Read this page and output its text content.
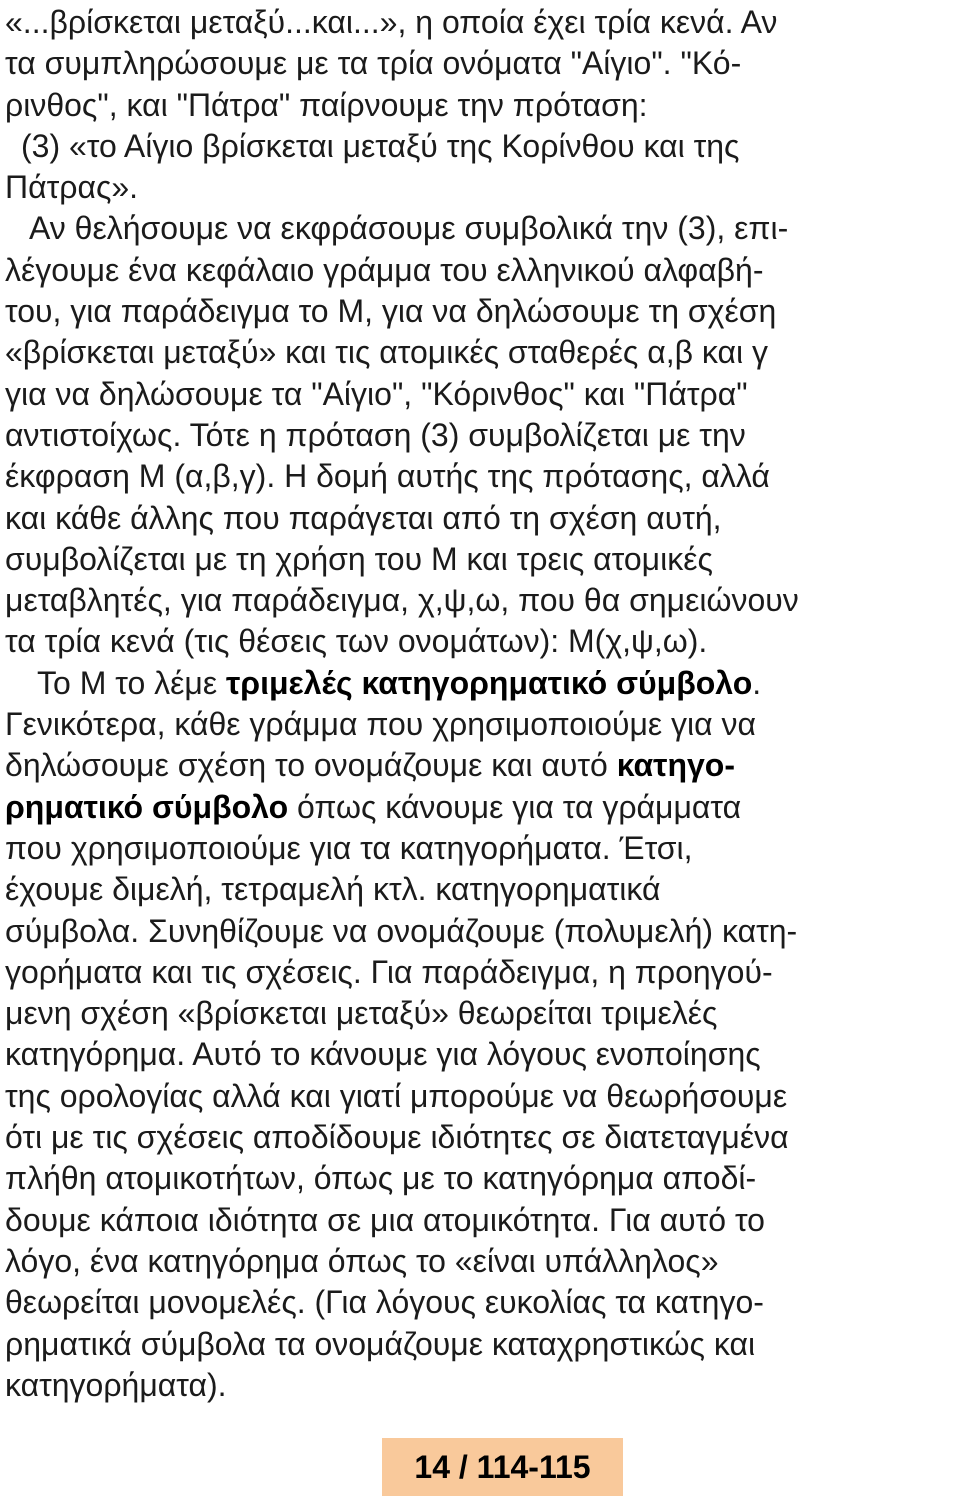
«...βρίσκεται μεταξύ...και...», η οποία έχει τρία κενά. Αν
τα συμπληρώσουμε με τα τρία ονόματα "Αίγιο". "Κό-
ρινθος", και "Πάτρα" παίρνουμε την πρόταση:
(3) «το Αίγιο βρίσκεται μεταξύ της Κορίνθου και της
Πάτρας».
Αν θελήσουμε να εκφράσουμε συμβολικά την (3), επι-
λέγουμε ένα κεφάλαιο γράμμα του ελληνικού αλφαβή-
του, για παράδειγμα το Μ, για να δηλώσουμε τη σχέση
«βρίσκεται μεταξύ» και τις ατομικές σταθερές α,β και γ
για να δηλώσουμε τα "Αίγιο", "Κόρινθος" και "Πάτρα"
αντιστοίχως. Τότε η πρόταση (3) συμβολίζεται με την
έκφραση Μ (α,β,γ). Η δομή αυτής της πρότασης, αλλά
και κάθε άλλης που παράγεται από τη σχέση αυτή,
συμβολίζεται με τη χρήση του Μ και τρεις ατομικές
μεταβλητές, για παράδειγμα, χ,ψ,ω, που θα σημειώνουν
τα τρία κενά (τις θέσεις των ονομάτων): Μ(χ,ψ,ω).
Το Μ το λέμε τριμελές κατηγορηματικό σύμβολο.
Γενικότερα, κάθε γράμμα που χρησιμοποιούμε για να
δηλώσουμε σχέση το ονομάζουμε και αυτό κατηγο-
ρηματικό σύμβολο όπως κάνουμε για τα γράμματα
που χρησιμοποιούμε για τα κατηγορήματα. Έτσι,
έχουμε διμελή, τετραμελή κτλ. κατηγορηματικά
σύμβολα. Συνηθίζουμε να ονομάζουμε (πολυμελή) κατη-
γορήματα και τις σχέσεις. Για παράδειγμα, η προηγού-
μενη σχέση «βρίσκεται μεταξύ» θεωρείται τριμελές
κατηγόρημα. Αυτό το κάνουμε για λόγους ενοποίησης
της ορολογίας αλλά και γιατί μπορούμε να θεωρήσουμε
ότι με τις σχέσεις αποδίδουμε ιδιότητες σε διατεταγμένα
πλήθη ατομικοτήτων, όπως με το κατηγόρημα αποδί-
δουμε κάποια ιδιότητα σε μια ατομικότητα. Για αυτό το
λόγο, ένα κατηγόρημα όπως το «είναι υπάλληλος»
θεωρείται μονομελές. (Για λόγους ευκολίας τα κατηγο-
ρηματικά σύμβολα τα ονομάζουμε καταχρηστικώς και
κατηγορήματα).
14 / 114-115
